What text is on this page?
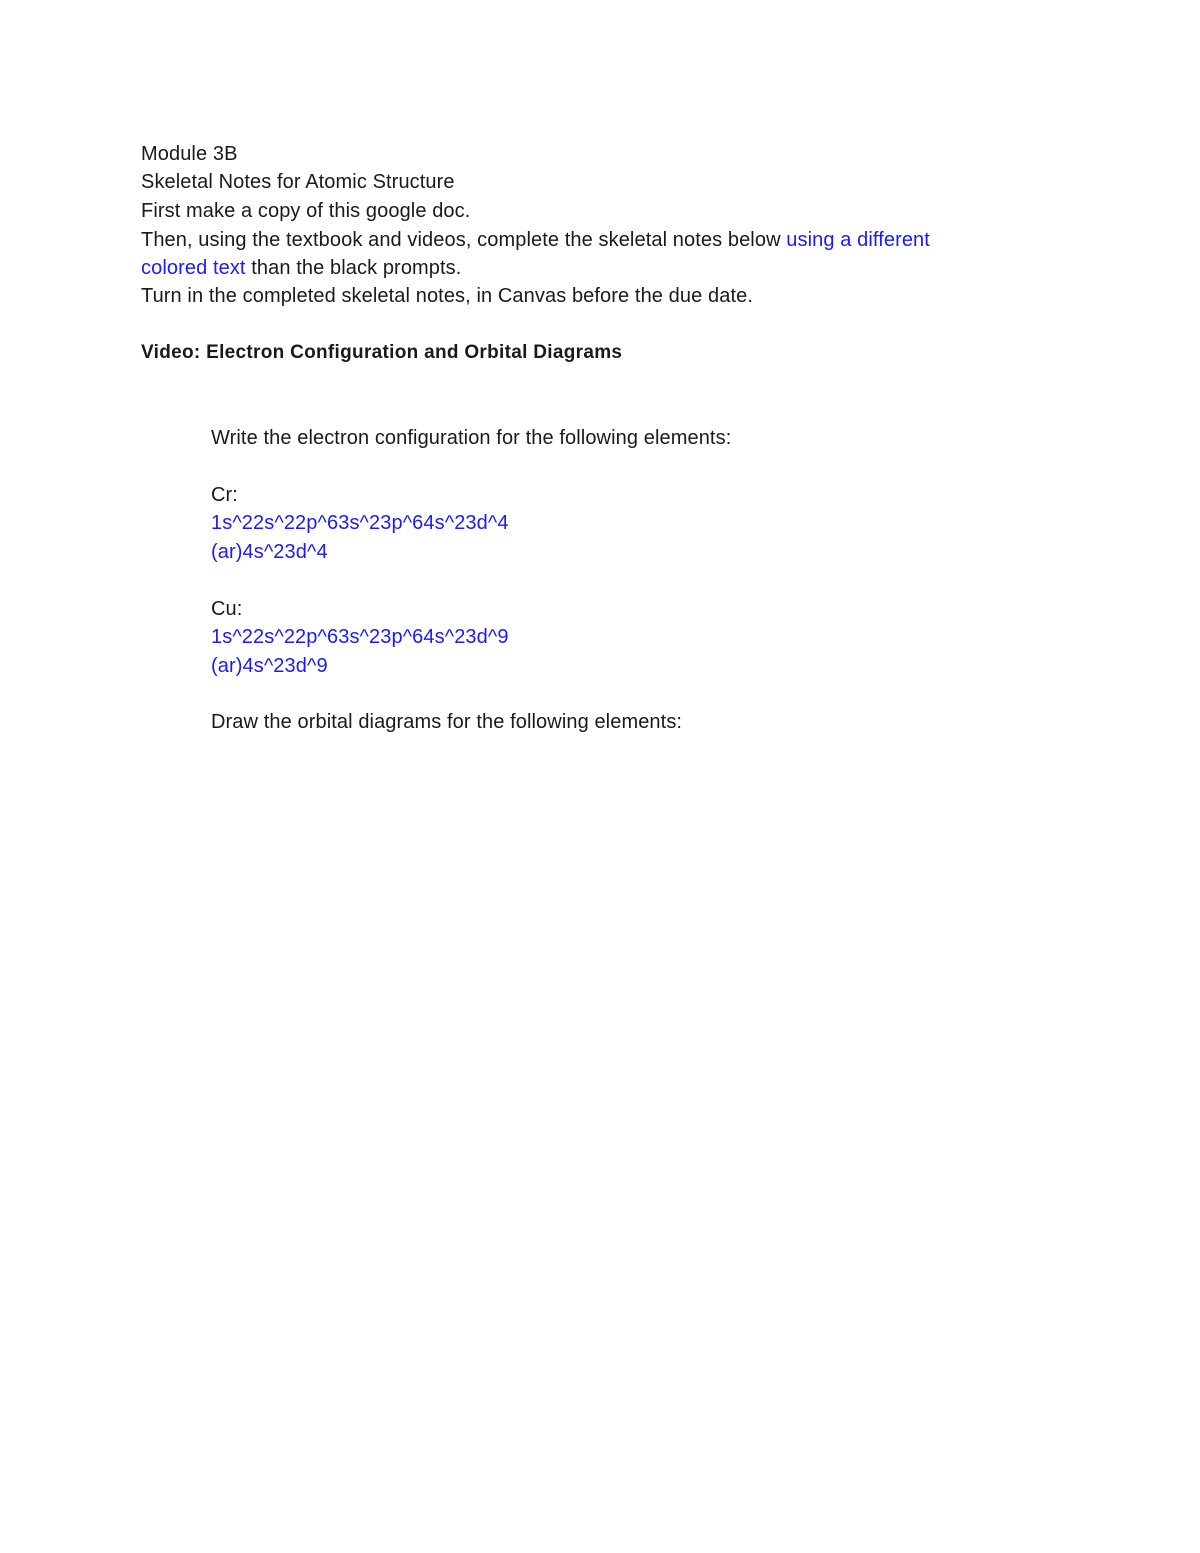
Module 3B
Skeletal Notes for Atomic Structure
First make a copy of this google doc.
Then, using the textbook and videos, complete the skeletal notes below using a different
colored text than the black prompts.
Turn in the completed skeletal notes, in Canvas before the due date.
Video: Electron Configuration and Orbital Diagrams
Write the electron configuration for the following elements:
Cr:
1s^22s^22p^63s^23p^64s^23d^4
(ar)4s^23d^4
Cu:
1s^22s^22p^63s^23p^64s^23d^9
(ar)4s^23d^9
Draw the orbital diagrams for the following elements:
